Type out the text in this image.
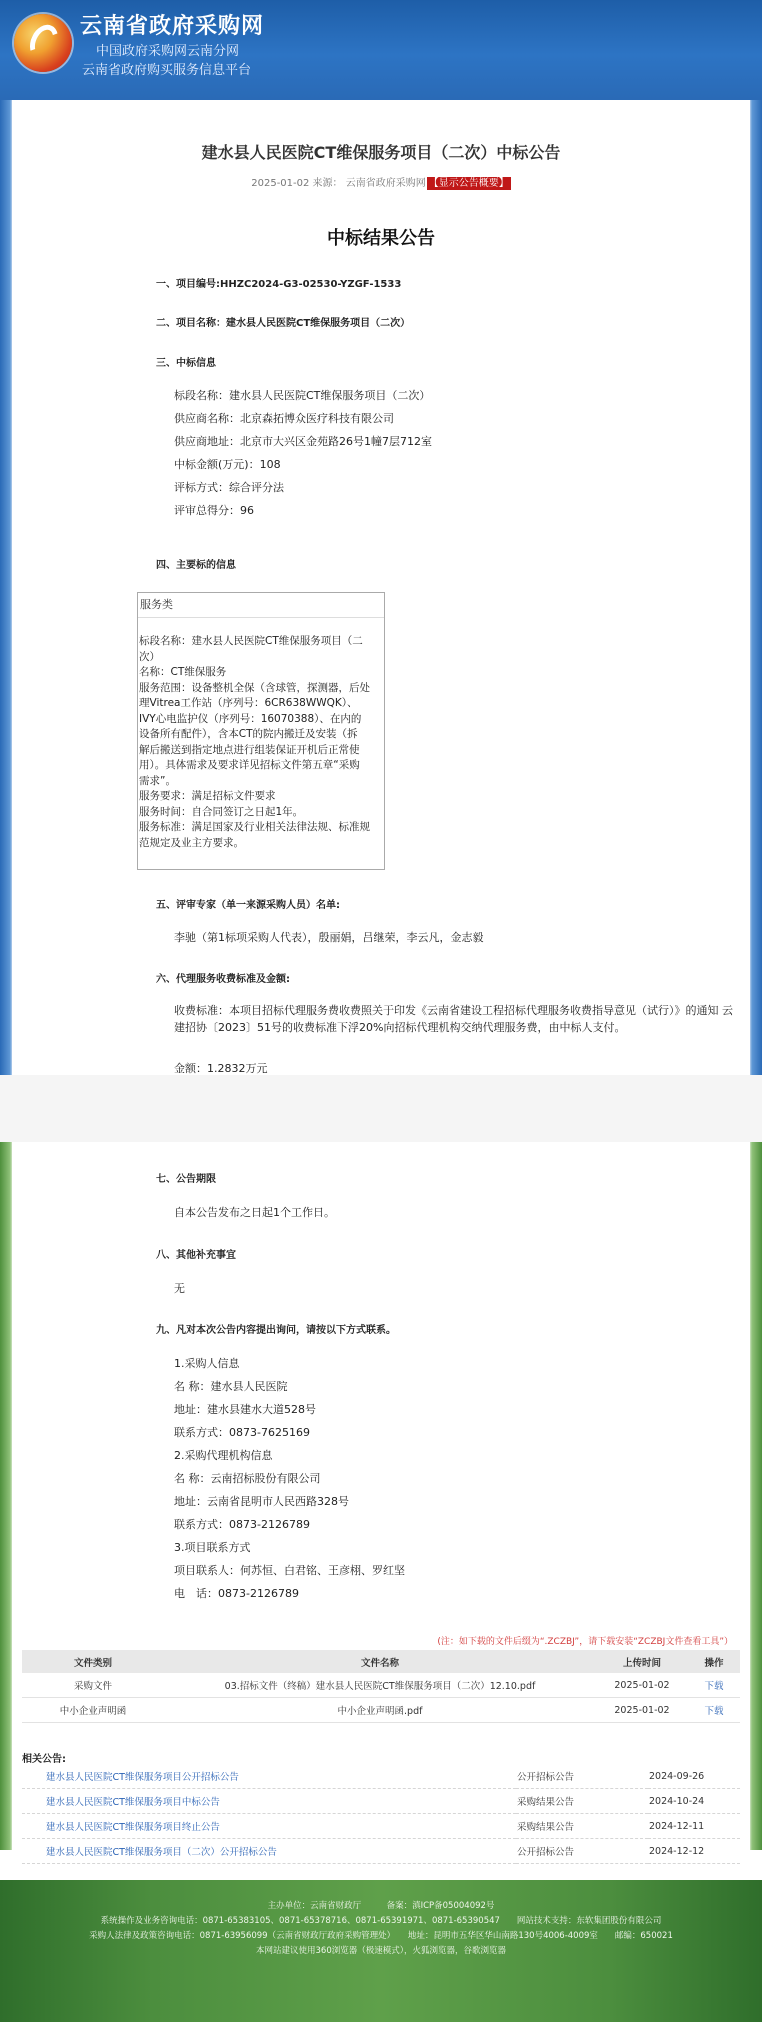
云南省政府采购网
中国政府采购网云南分网
云南省政府购买服务信息平台
建水县人民医院CT维保服务项目（二次）中标公告
2025-01-02 来源： 云南省政府采购网 【显示公告概要】
中标结果公告
一、项目编号:HHZC2024-G3-02530-YZGF-1533
二、项目名称：建水县人民医院CT维保服务项目（二次）
三、中标信息
标段名称：建水县人民医院CT维保服务项目（二次）
供应商名称：北京森拓博众医疗科技有限公司
供应商地址：北京市大兴区金苑路26号1幢7层712室
中标金额(万元)：108
评标方式：综合评分法
评审总得分：96
四、主要标的信息
服务类
标段名称：建水县人民医院CT维保服务项目（二
次）
名称：CT维保服务
服务范围：设备整机全保（含球管，探测器，后处
理Vitrea工作站（序列号：6CR638WWQK）、
IVY心电监护仪（序列号：16070388）、在内的
设备所有配件），含本CT的院内搬迁及安装（拆
解后搬送到指定地点进行组装保证开机后正常使
用）。具体需求及要求详见招标文件第五章“采购
需求”。
服务要求：满足招标文件要求
服务时间：自合同签订之日起1年。
服务标准：满足国家及行业相关法律法规、标准规
范规定及业主方要求。
五、评审专家（单一来源采购人员）名单:
李驰（第1标项采购人代表），殷丽娟，吕继荣，李云凡，金志毅
六、代理服务收费标准及金额:
收费标准：本项目招标代理服务费收费照关于印发《云南省建设工程招标代理服务收费指导意见（试行）》的通知 云建招协〔2023〕51号的收费标准下浮20%向招标代理机构交纳代理服务费，由中标人支付。
金额：1.2832万元
七、公告期限
自本公告发布之日起1个工作日。
八、其他补充事宜
无
九、凡对本次公告内容提出询问，请按以下方式联系。
1.采购人信息
名 称：建水县人民医院
地址：建水县建水大道528号
联系方式：0873-7625169
2.采购代理机构信息
名 称：云南招标股份有限公司
地址：云南省昆明市人民西路328号
联系方式：0873-2126789
3.项目联系方式
项目联系人：何苏恒、白君铭、王彦栩、罗红坚
电　话：0873-2126789
(注：如下载的文件后缀为“.ZCZBJ”，请下载安装“ZCZBJ文件查看工具”）
文件类别	文件名称	上传时间	操作
采购文件	03.招标文件（终稿）建水县人民医院CT维保服务项目（二次）12.10.pdf	2025-01-02	下载
中小企业声明函	中小企业声明函.pdf	2025-01-02	下载
相关公告:
建水县人民医院CT维保服务项目公开招标公告	公开招标公告	2024-09-26
建水县人民医院CT维保服务项目中标公告	采购结果公告	2024-10-24
建水县人民医院CT维保服务项目终止公告	采购结果公告	2024-12-11
建水县人民医院CT维保服务项目（二次）公开招标公告	公开招标公告	2024-12-12
主办单位：云南省财政厅　　　备案：滇ICP备05004092号
系统操作及业务咨询电话：0871-65383105、0871-65378716、0871-65391971、0871-65390547　　网站技术支持：东软集团股份有限公司
采购人法律及政策咨询电话：0871-63956099（云南省财政厅政府采购管理处）　　地址：昆明市五华区华山南路130号4006-4009室　　邮编：650021
本网站建议使用360浏览器（极速模式），火狐浏览器，谷歌浏览器
